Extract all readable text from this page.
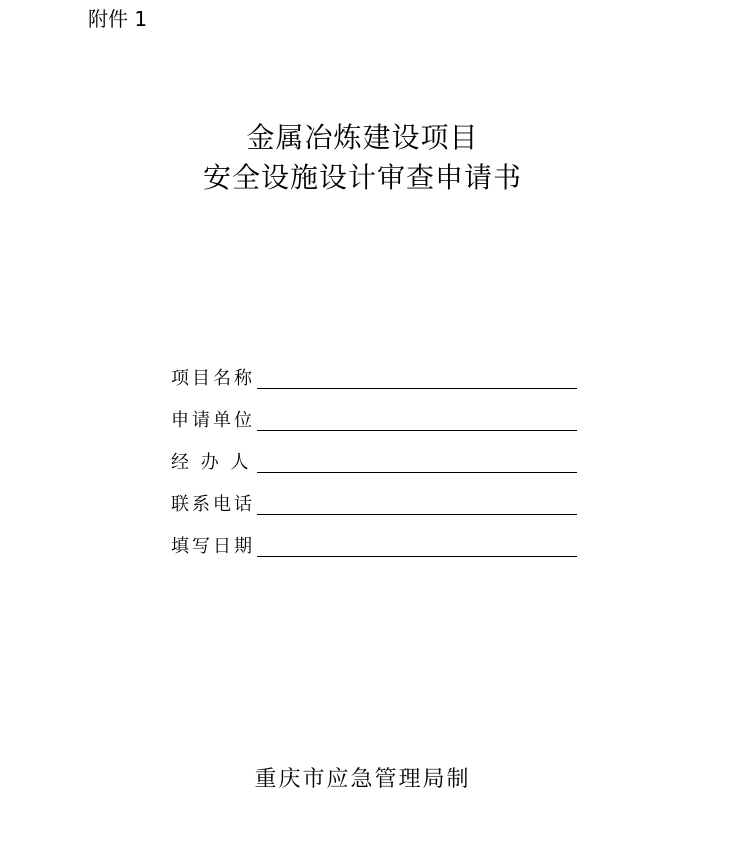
附件 1
金属冶炼建设项目
安全设施设计审查申请书
项目名称
申请单位
经 办 人
联系电话
填写日期
重庆市应急管理局制
